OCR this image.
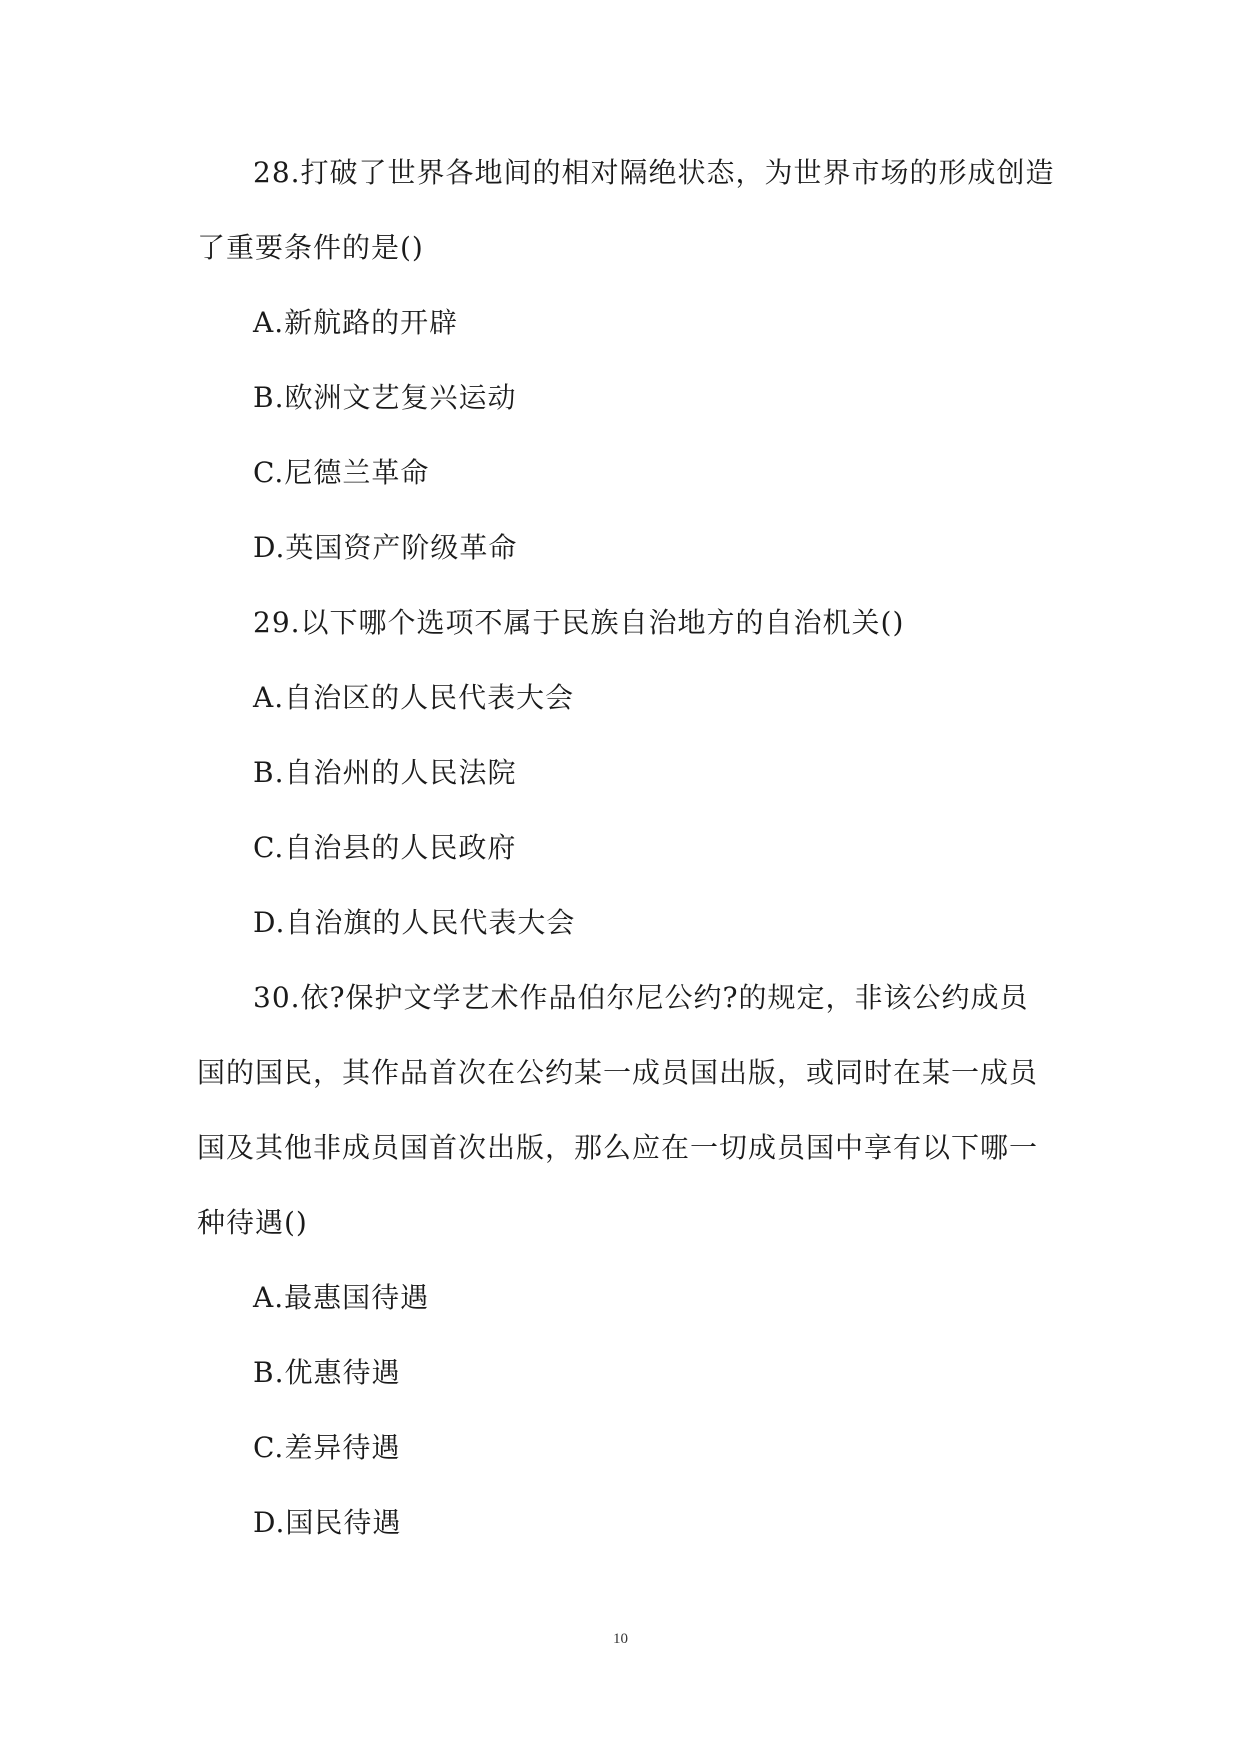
28.打破了世界各地间的相对隔绝状态，为世界市场的形成创造了重要条件的是()

A.新航路的开辟

B.欧洲文艺复兴运动

C.尼德兰革命

D.英国资产阶级革命

29.以下哪个选项不属于民族自治地方的自治机关()

A.自治区的人民代表大会

B.自治州的人民法院

C.自治县的人民政府

D.自治旗的人民代表大会

30.依?保护文学艺术作品伯尔尼公约?的规定，非该公约成员国的国民，其作品首次在公约某一成员国出版，或同时在某一成员国及其他非成员国首次出版，那么应在一切成员国中享有以下哪一种待遇()

A.最惠国待遇

B.优惠待遇

C.差异待遇

D.国民待遇

10
